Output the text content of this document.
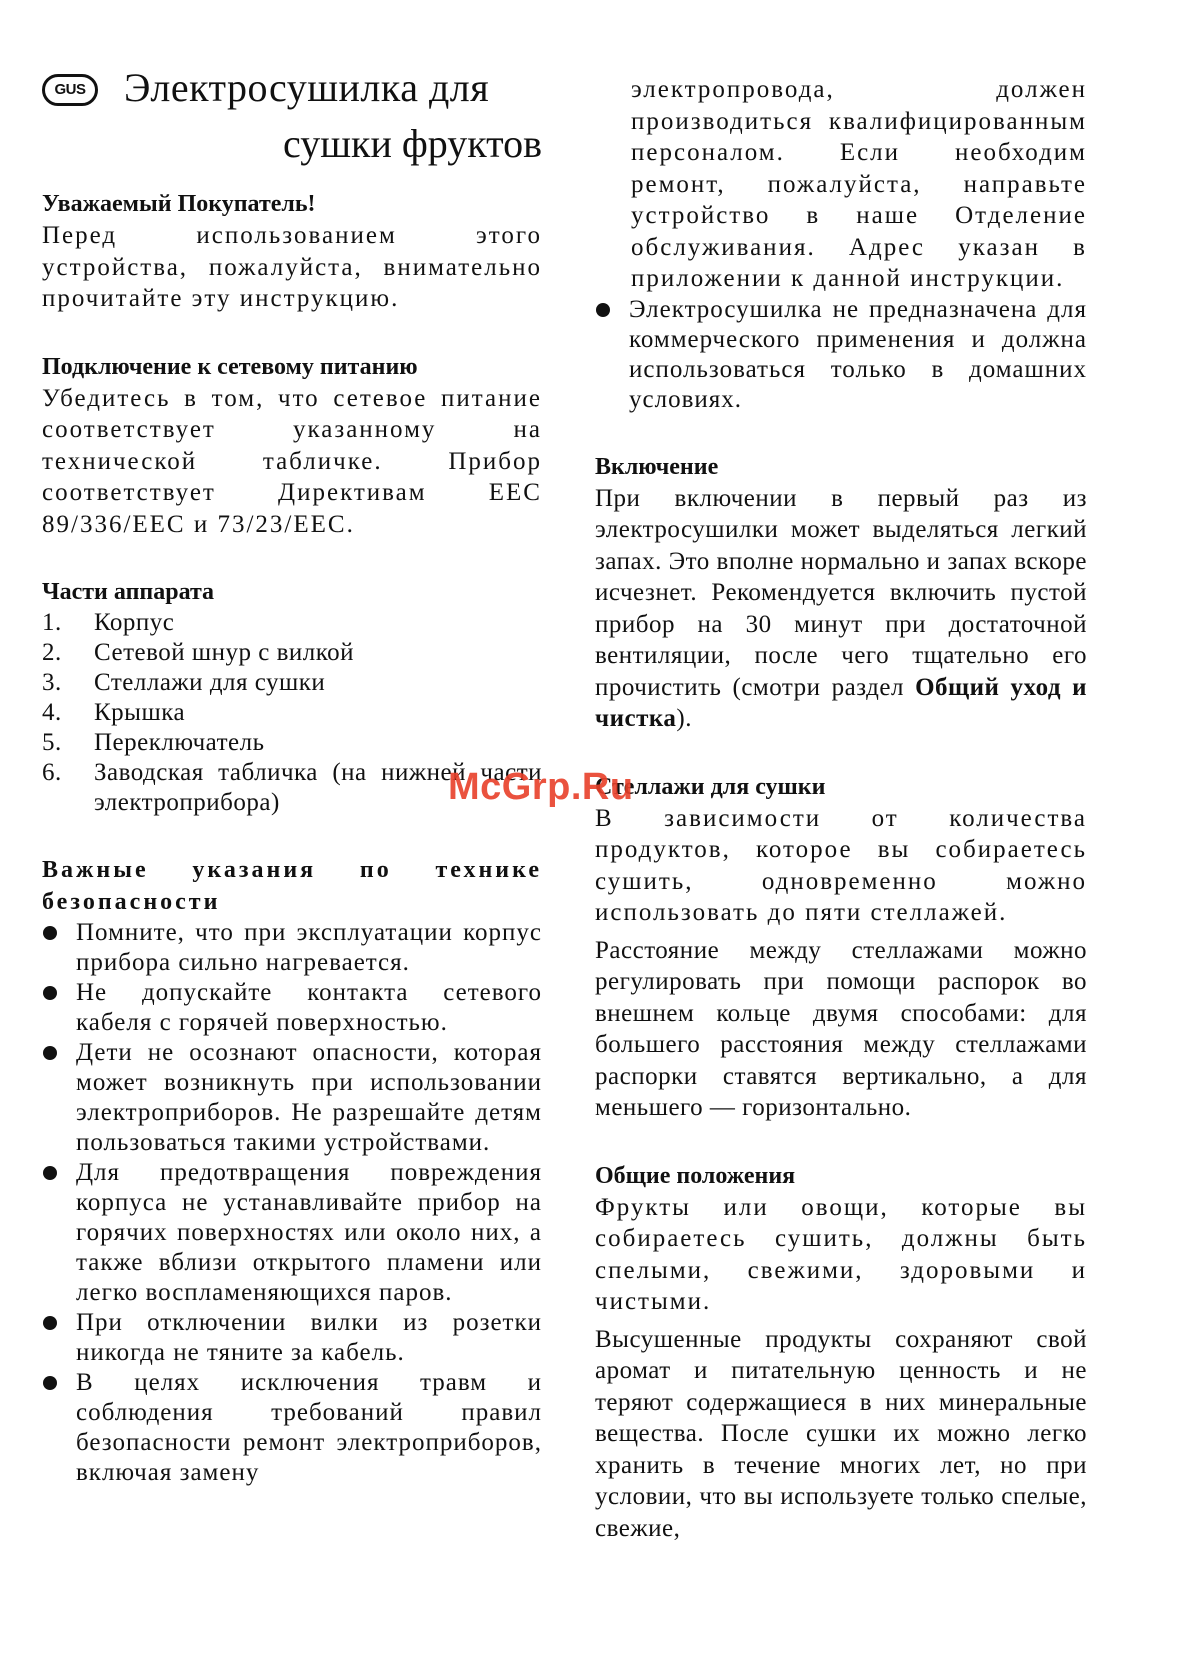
GUS Электросушилка для
сушки фруктов

Уважаемый Покупатель!

Перед использованием этого устройства, пожалуйста, внимательно прочитайте эту инструкцию.

Подключение к сетевому питанию

Убедитесь в том, что сетевое питание соответствует указанному на технической табличке. Прибор соответствует Директивам ЕЕС 89/336/EEC и 73/23/ЕЕС.

Части аппарата

1.	Корпус
2.	Сетевой шнур с вилкой
3.	Стеллажи для сушки
4.	Крышка
5.	Переключатель
6.	Заводская табличка (на нижней части электроприбора)

Важные указания по технике безопасности

Помните, что при эксплуатации корпус прибора сильно нагревается.
Не допускайте контакта сетевого кабеля с горячей поверхностью.
Дети не осознают опасности, которая может возникнуть при использовании электроприборов. Не разрешайте детям пользоваться такими устройствами.
Для предотвращения повреждения корпуса не устанавливайте прибор на горячих поверхностях или около них, а также вблизи открытого пламени или легко воспламеняющихся паров.
При отключении вилки из розетки никогда не тяните за кабель.
В целях исключения травм и соблюдения требований правил безопасности ремонт электроприборов, включая замену

электропровода, должен производиться квалифицированным персоналом. Если необходим ремонт, пожалуйста, направьте устройство в наше Отделение обслуживания. Адрес указан в приложении к данной инструкции.

Электросушилка не предназначена для коммерческого применения и должна использоваться только в домашних условиях.

Включение

При включении в первый раз из электросушилки может выделяться легкий запах. Это вполне нормально и запах вскоре исчезнет. Рекомендуется включить пустой прибор на 30 минут при достаточной вентиляции, после чего тщательно его прочистить (смотри раздел Общий уход и чистка).

Стеллажи для сушки

В зависимости от количества продуктов, которое вы собираетесь сушить, одновременно можно использовать до пяти стеллажей.

Расстояние между стеллажами можно регулировать при помощи распорок во внешнем кольце двумя способами: для большего расстояния между стеллажами распорки ставятся вертикально, а для меньшего — горизонтально.

Общие положения

Фрукты или овощи, которые вы собираетесь сушить, должны быть спелыми, свежими, здоровыми и чистыми.

Высушенные продукты сохраняют свой аромат и питательную ценность и не теряют содержащиеся в них минеральные вещества. После сушки их можно легко хранить в течение многих лет, но при условии, что вы используете только спелые, свежие,

McGrp.Ru
